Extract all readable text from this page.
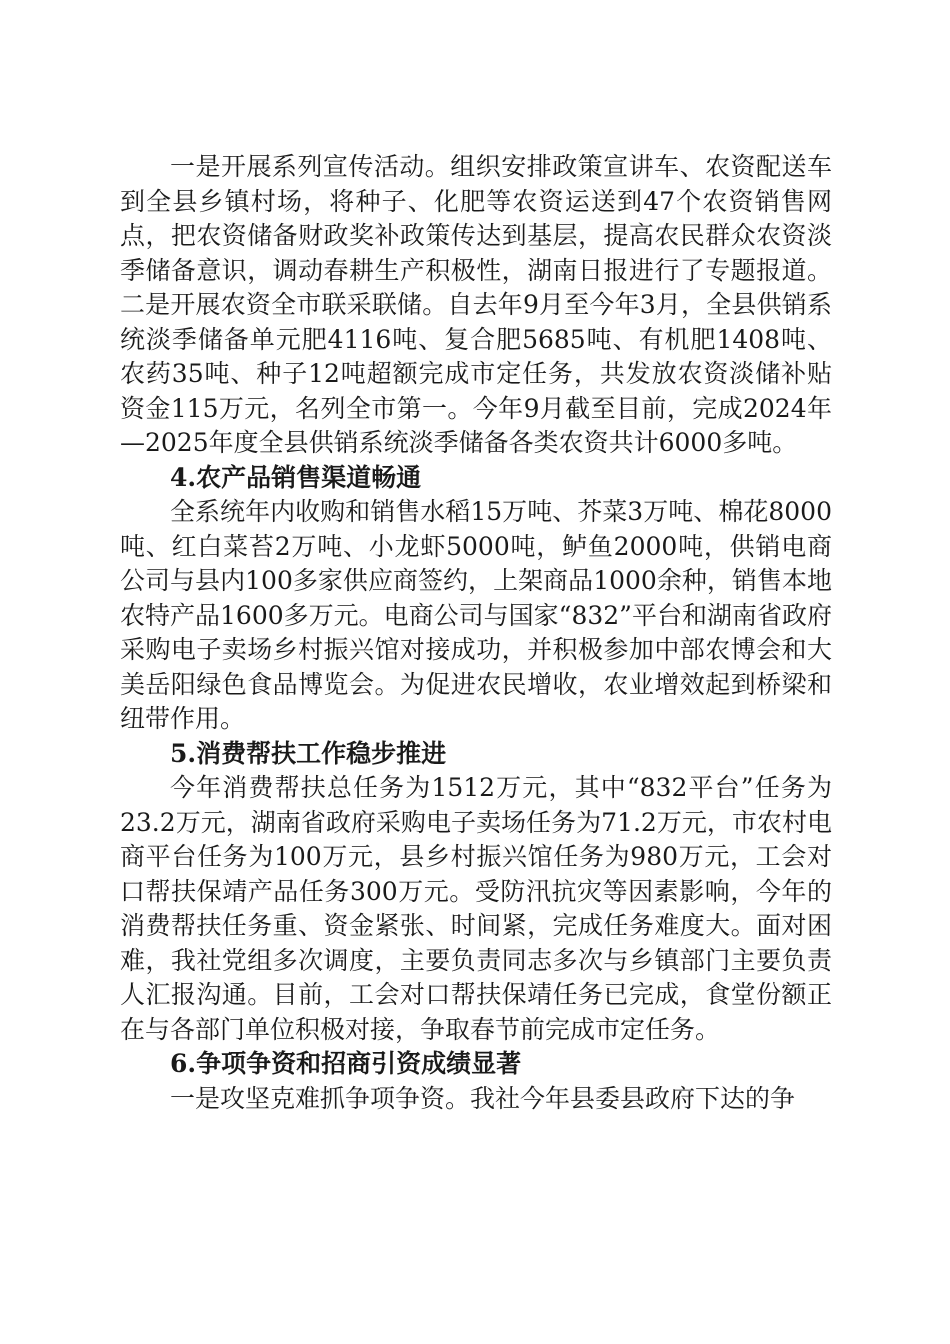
一是开展系列宣传活动。组织安排政策宣讲车、农资配送车到全县乡镇村场，将种子、化肥等农资运送到47个农资销售网点，把农资储备财政奖补政策传达到基层，提高农民群众农资淡季储备意识，调动春耕生产积极性，湖南日报进行了专题报道。二是开展农资全市联采联储。自去年9月至今年3月，全县供销系统淡季储备单元肥4116吨、复合肥5685吨、有机肥1408吨、农药35吨、种子12吨超额完成市定任务，共发放农资淡储补贴资金115万元，名列全市第一。今年9月截至目前，完成2024年—2025年度全县供销系统淡季储备各类农资共计6000多吨。

4.农产品销售渠道畅通

全系统年内收购和销售水稻15万吨、芥菜3万吨、棉花8000吨、红白菜苔2万吨、小龙虾5000吨，鲈鱼2000吨，供销电商公司与县内100多家供应商签约，上架商品1000余种，销售本地农特产品1600多万元。电商公司与国家“832”平台和湖南省政府采购电子卖场乡村振兴馆对接成功，并积极参加中部农博会和大美岳阳绿色食品博览会。为促进农民增收，农业增效起到桥梁和纽带作用。

5.消费帮扶工作稳步推进

今年消费帮扶总任务为1512万元，其中“832平台”任务为23.2万元，湖南省政府采购电子卖场任务为71.2万元，市农村电商平台任务为100万元，县乡村振兴馆任务为980万元，工会对口帮扶保靖产品任务300万元。受防汛抗灾等因素影响，今年的消费帮扶任务重、资金紧张、时间紧，完成任务难度大。面对困难，我社党组多次调度，主要负责同志多次与乡镇部门主要负责人汇报沟通。目前，工会对口帮扶保靖任务已完成，食堂份额正在与各部门单位积极对接，争取春节前完成市定任务。

6.争项争资和招商引资成绩显著

一是攻坚克难抓争项争资。我社今年县委县政府下达的争
